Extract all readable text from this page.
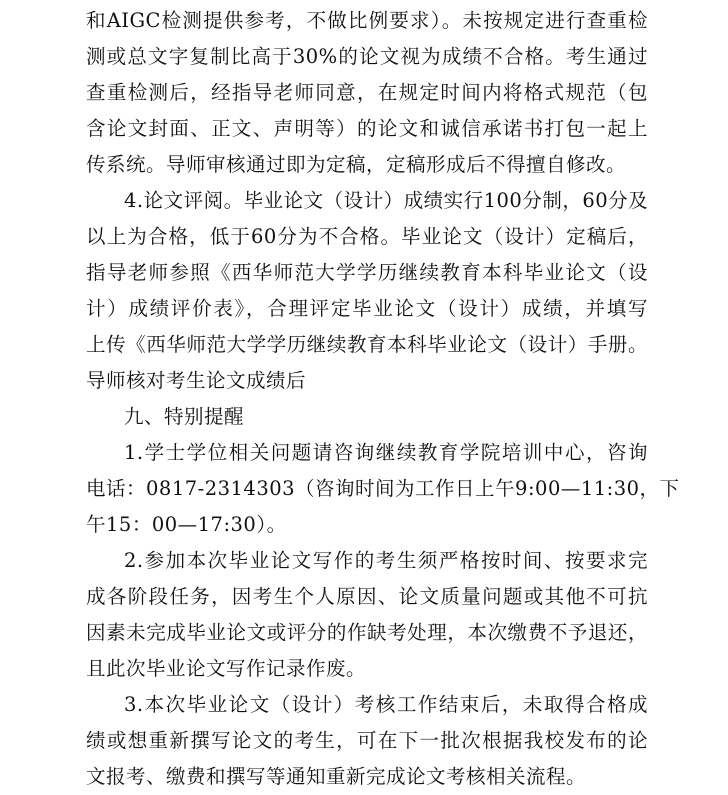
和AIGC检测提供参考，不做比例要求）。未按规定进行查重检
测或总文字复制比高于30%的论文视为成绩不合格。考生通过
查重检测后，经指导老师同意，在规定时间内将格式规范（包
含论文封面、正文、声明等）的论文和诚信承诺书打包一起上
传系统。导师审核通过即为定稿，定稿形成后不得擅自修改。
4.论文评阅。毕业论文（设计）成绩实行100分制，60分及
以上为合格，低于60分为不合格。毕业论文（设计）定稿后，
指导老师参照《西华师范大学学历继续教育本科毕业论文（设
计）成绩评价表》，合理评定毕业论文（设计）成绩，并填写
上传《西华师范大学学历继续教育本科毕业论文（设计）手册。
导师核对考生论文成绩后
九、特别提醒
1.学士学位相关问题请咨询继续教育学院培训中心，咨询
电话：0817-2314303（咨询时间为工作日上午9:00—11:30，下
午15：00—17:30）。
2.参加本次毕业论文写作的考生须严格按时间、按要求完
成各阶段任务，因考生个人原因、论文质量问题或其他不可抗
因素未完成毕业论文或评分的作缺考处理，本次缴费不予退还，
且此次毕业论文写作记录作废。
3.本次毕业论文（设计）考核工作结束后，未取得合格成
绩或想重新撰写论文的考生，可在下一批次根据我校发布的论
文报考、缴费和撰写等通知重新完成论文考核相关流程。
